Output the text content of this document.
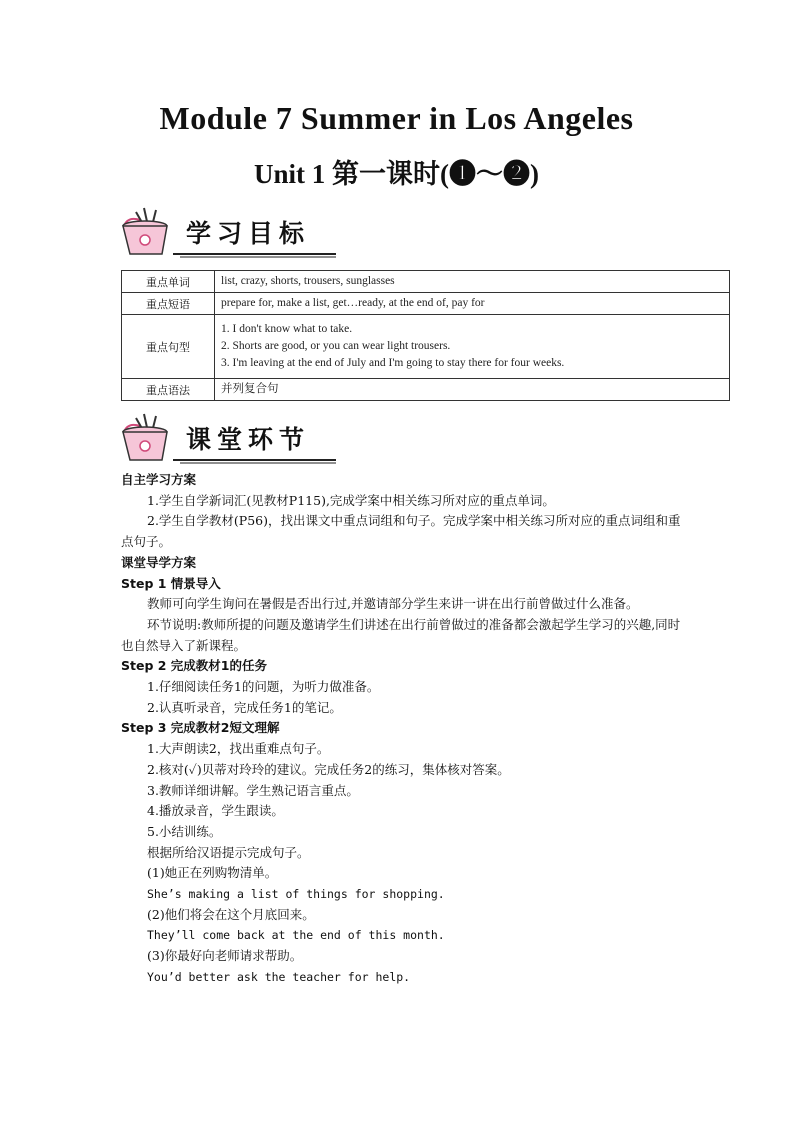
Module 7 Summer in Los Angeles
Unit 1 第一课时(❶～❷)
学习目标
重点单词	list, crazy, shorts, trousers, sunglasses
重点短语	prepare for, make a list, get…ready, at the end of, pay for
重点句型	1. I don't know what to take.
2. Shorts are good, or you can wear light trousers.
3. I'm leaving at the end of July and I'm going to stay there for four weeks.

重点语法	并列复合句
课堂环节

自主学习方案

1.学生自学新词汇(见教材P115),完成学案中相关练习所对应的重点单词。

2.学生自学教材(P56)，找出课文中重点词组和句子。完成学案中相关练习所对应的重点词组和重点句子。

课堂导学方案

Step 1 情景导入

教师可向学生询问在暑假是否出行过,并邀请部分学生来讲一讲在出行前曾做过什么准备。

环节说明:教师所提的问题及邀请学生们讲述在出行前曾做过的准备都会激起学生学习的兴趣,同时也自然导入了新课程。

Step 2 完成教材1的任务

1.仔细阅读任务1的问题，为听力做准备。

2.认真听录音，完成任务1的笔记。

Step 3 完成教材2短文理解

1.大声朗读2，找出重难点句子。

2.核对(✓)贝蒂对玲玲的建议。完成任务2的练习，集体核对答案。

3.教师详细讲解。学生熟记语言重点。

4.播放录音，学生跟读。

5.小结训练。

根据所给汉语提示完成句子。

(1)她正在列购物清单。

She’s making a list of things for shopping.

(2)他们将会在这个月底回来。

They’ll come back at the end of this month.

(3)你最好向老师请求帮助。

You’d better ask the teacher for help.
